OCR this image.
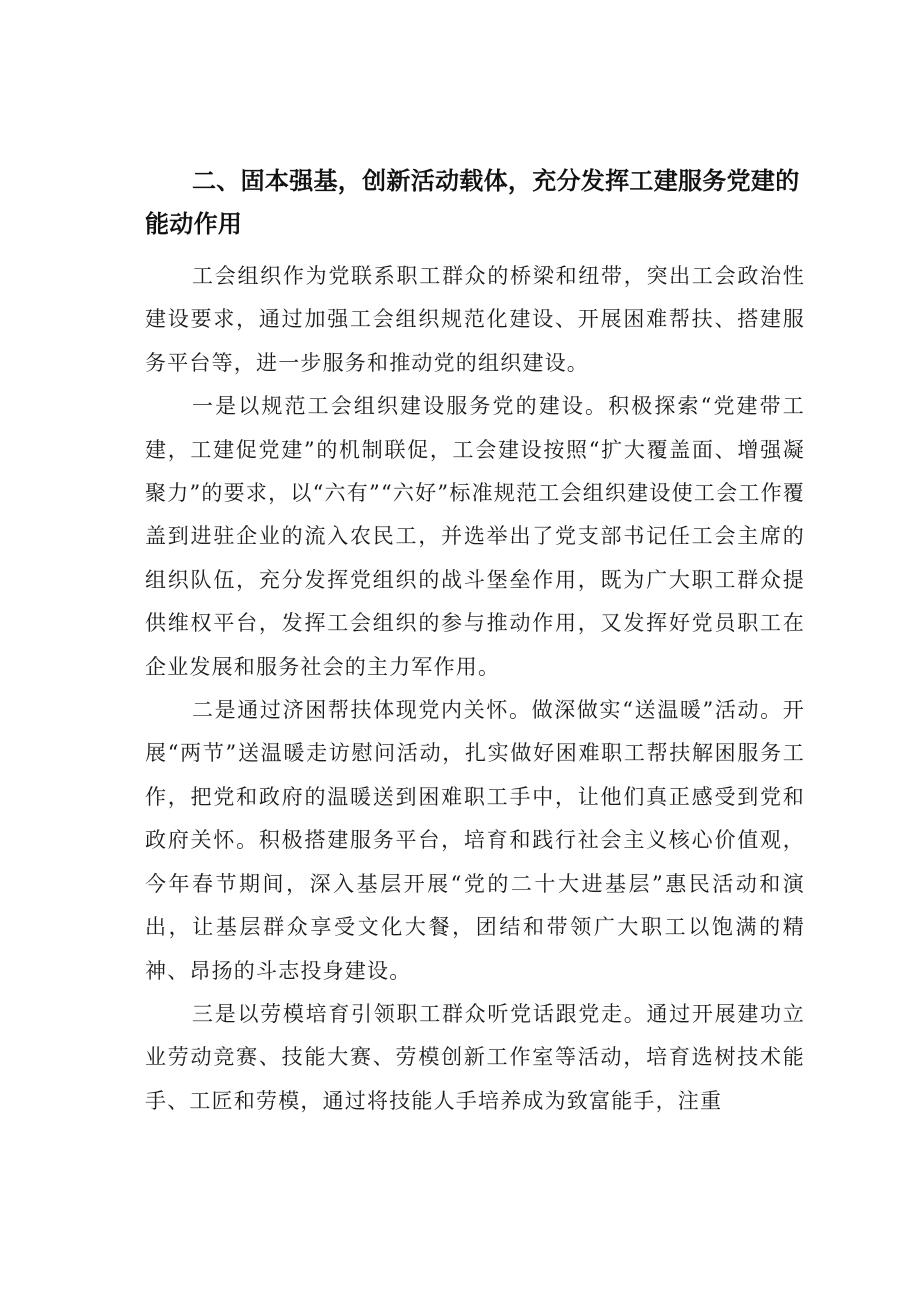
二、固本强基，创新活动载体，充分发挥工建服务党建的能动作用

工会组织作为党联系职工群众的桥梁和纽带，突出工会政治性建设要求，通过加强工会组织规范化建设、开展困难帮扶、搭建服务平台等，进一步服务和推动党的组织建设。

一是以规范工会组织建设服务党的建设。积极探索“党建带工建，工建促党建”的机制联促，工会建设按照“扩大覆盖面、增强凝聚力”的要求，以“六有”“六好”标准规范工会组织建设使工会工作覆盖到进驻企业的流入农民工，并选举出了党支部书记任工会主席的组织队伍，充分发挥党组织的战斗堡垒作用，既为广大职工群众提供维权平台，发挥工会组织的参与推动作用，又发挥好党员职工在企业发展和服务社会的主力军作用。

二是通过济困帮扶体现党内关怀。做深做实“送温暖”活动。开展“两节”送温暖走访慰问活动，扎实做好困难职工帮扶解困服务工作，把党和政府的温暖送到困难职工手中，让他们真正感受到党和政府关怀。积极搭建服务平台，培育和践行社会主义核心价值观，今年春节期间，深入基层开展“党的二十大进基层”惠民活动和演出，让基层群众享受文化大餐，团结和带领广大职工以饱满的精神、昂扬的斗志投身建设。

三是以劳模培育引领职工群众听党话跟党走。通过开展建功立业劳动竞赛、技能大赛、劳模创新工作室等活动，培育选树技术能手、工匠和劳模，通过将技能人手培养成为致富能手，注重
